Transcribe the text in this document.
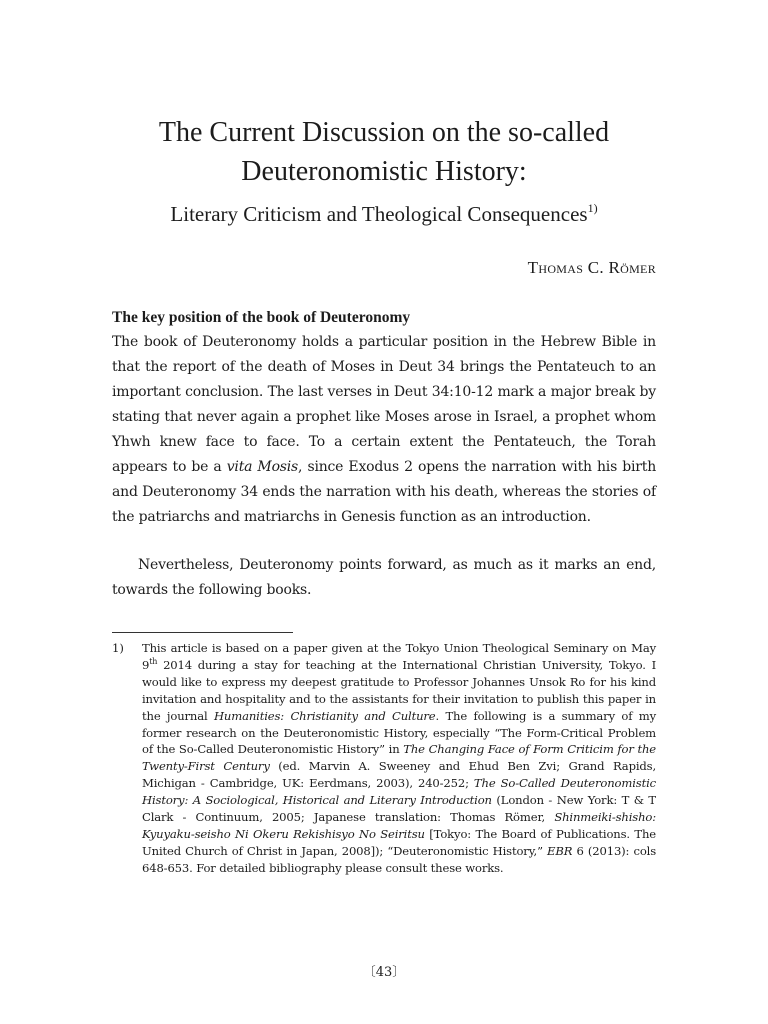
The Current Discussion on the so-called
Deuteronomistic History:
Literary Criticism and Theological Consequences$^{1)}$
Thomas C. Römer
The key position of the book of Deuteronomy

The book of Deuteronomy holds a particular position in the Hebrew Bible in that the report of the death of Moses in Deut 34 brings the Pentateuch to an important conclusion. The last verses in Deut 34:10-12 mark a major break by stating that never again a prophet like Moses arose in Israel, a prophet whom Yhwh knew face to face. To a certain extent the Pentateuch, the Torah appears to be a vita Mosis, since Exodus 2 opens the narration with his birth and Deuteronomy 34 ends the narration with his death, whereas the stories of the patriarchs and matriarchs in Genesis function as an introduction.

Nevertheless, Deuteronomy points forward, as much as it marks an end, towards the following books.

1) This article is based on a paper given at the Tokyo Union Theological Seminary on May 9th 2014 during a stay for teaching at the International Christian University, Tokyo. I would like to express my deepest gratitude to Professor Johannes Unsok Ro for his kind invitation and hospitality and to the assistants for their invitation to publish this paper in the journal Humanities: Christianity and Culture. The following is a summary of my former research on the Deuteronomistic History, especially “The Form-Critical Problem of the So-Called Deuteronomistic History” in The Changing Face of Form Criticim for the Twenty-First Century (ed. Marvin A. Sweeney and Ehud Ben Zvi; Grand Rapids, Michigan - Cambridge, UK: Eerdmans, 2003), 240-252; The So-Called Deuteronomistic History: A Sociological, Historical and Literary Introduction (London - New York: T & T Clark - Continuum, 2005; Japanese translation: Thomas Römer, Shinmeiki-shisho: Kyuyaku-seisho Ni Okeru Rekishisyo No Seiritsu [Tokyo: The Board of Publications. The United Church of Christ in Japan, 2008]); “Deuteronomistic History,” EBR 6 (2013): cols 648-653. For detailed bibliography please consult these works.

〔43〕
